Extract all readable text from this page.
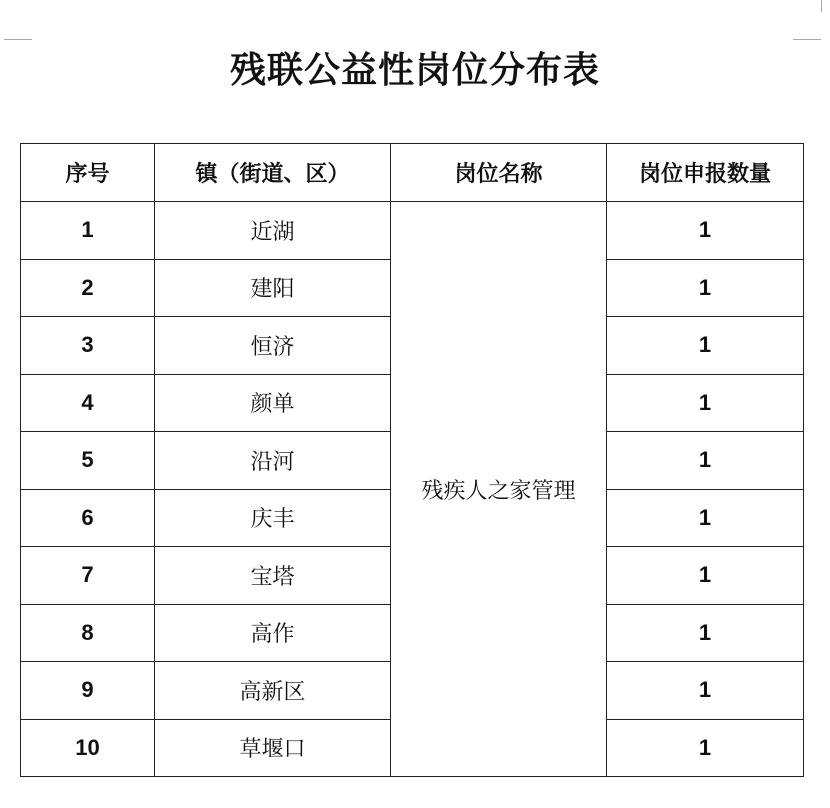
残联公益性岗位分布表
序号	镇（街道、区）	岗位名称	岗位申报数量
1	近湖	残疾人之家管理	1
2	建阳		1
3	恒济		1
4	颜单		1
5	沿河		1
6	庆丰		1
7	宝塔		1
8	高作		1
9	高新区		1
10	草堰口		1
